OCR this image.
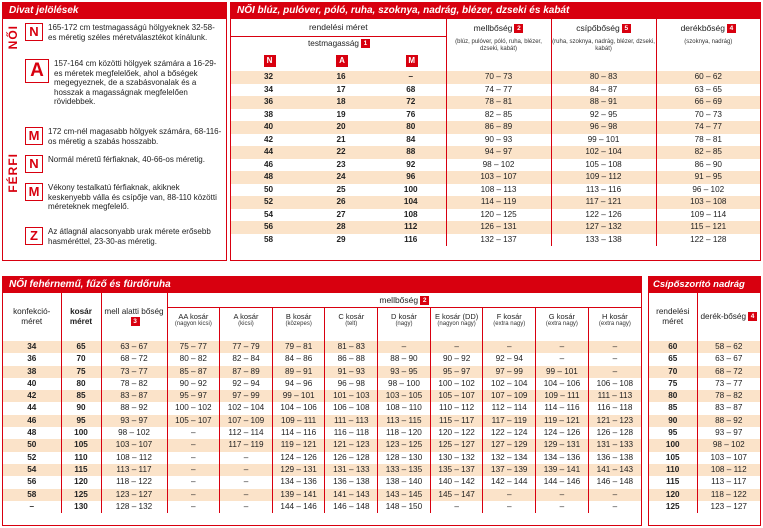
Divat jelölések
NŐI
FÉRFI
N	165-172 cm testmagasságú hölgyeknek 32-58-es méretig széles méretválasztékot kínálunk.
A	157-164 cm közötti hölgyek számára a 16-29-es méretek megfelelőek, ahol a bőségek megegyeznek, de a szabásvonalak és a hosszak a magasságnak megfelelően rövidebbek.
M	172 cm-nél magasabb hölgyek számára, 68-116-os méretig a szabás hosszabb.
N	Normál méretű férfiaknak, 40-66-os méretig.
M	Vékony testalkatú férfiaknak, akiknek keskenyebb válla és csípője van, 88-110 közötti méreteknek megfelelő.
Z	Az átlagnál alacsonyabb urak mérete erősebb hasméréttel, 23-30-as méretig.
NŐI blúz, pulóver, póló, ruha, szoknya, nadrág, blézer, dzseki és kabát
rendelési méret			mellbőség 2
(blúz, pulóver, póló, ruha, blézer, dzseki, kabát)	csípőbőség 5
(ruha, szoknya, nadrág, blézer, dzseki, kabát)	derékbőség 4
(szoknya, nadrág)

	testmagasság 1				
N	A	M			
32	16	–	70 – 73	80 – 83	60 – 62
34	17	68	74 – 77	84 – 87	63 – 65
36	18	72	78 – 81	88 – 91	66 – 69
38	19	76	82 – 85	92 – 95	70 – 73
40	20	80	86 – 89	96 – 98	74 – 77
42	21	84	90 – 93	99 – 101	78 – 81
44	22	88	94 – 97	102 – 104	82 – 85
46	23	92	98 – 102	105 – 108	86 – 90
48	24	96	103 – 107	109 – 112	91 – 95
50	25	100	108 – 113	113 – 116	96 – 102
52	26	104	114 – 119	117 – 121	103 – 108
54	27	108	120 – 125	122 – 126	109 – 114
56	28	112	126 – 131	127 – 132	115 – 121
58	29	116	132 – 137	133 – 138	122 – 128
NŐI fehérnemű, fűző és fürdőruha
konfekció-méret	kosár méret	mell alatti bőség3	mellbőség 2								

			AA kosár
(nagyon kicsi)	A kosár
(kicsi)	B kosár
(közepes)	C kosár
(telt)	D kosár
(nagy)	E kosár (DD)
(nagyon nagy)	F kosár
(extra nagy)	G kosár
(extra nagy)	H kosár
(extra nagy)

34	65	63 – 67	75 – 77	77 – 79	79 – 81	81 – 83	–	–	–	–	–
36	70	68 – 72	80 – 82	82 – 84	84 – 86	86 – 88	88 – 90	90 – 92	92 – 94	–	–
38	75	73 – 77	85 – 87	87 – 89	89 – 91	91 – 93	93 – 95	95 – 97	97 – 99	99 – 101	–
40	80	78 – 82	90 – 92	92 – 94	94 – 96	96 – 98	98 – 100	100 – 102	102 – 104	104 – 106	106 – 108
42	85	83 – 87	95 – 97	97 – 99	99 – 101	101 – 103	103 – 105	105 – 107	107 – 109	109 – 111	111 – 113
44	90	88 – 92	100 – 102	102 – 104	104 – 106	106 – 108	108 – 110	110 – 112	112 – 114	114 – 116	116 – 118
46	95	93 – 97	105 – 107	107 – 109	109 – 111	111 – 113	113 – 115	115 – 117	117 – 119	119 – 121	121 – 123
48	100	98 – 102	–	112 – 114	114 – 116	116 – 118	118 – 120	120 – 122	122 – 124	124 – 126	126 – 128
50	105	103 – 107	–	117 – 119	119 – 121	121 – 123	123 – 125	125 – 127	127 – 129	129 – 131	131 – 133
52	110	108 – 112	–	–	124 – 126	126 – 128	128 – 130	130 – 132	132 – 134	134 – 136	136 – 138
54	115	113 – 117	–	–	129 – 131	131 – 133	133 – 135	135 – 137	137 – 139	139 – 141	141 – 143
56	120	118 – 122	–	–	134 – 136	136 – 138	138 – 140	140 – 142	142 – 144	144 – 146	146 – 148
58	125	123 – 127	–	–	139 – 141	141 – 143	143 – 145	145 – 147	–	–	–
–	130	128 – 132	–	–	144 – 146	146 – 148	148 – 150	–	–	–	–
Csípőszorító nadrág
rendelési méret	derék-bőség 4
60	58 – 62
65	63 – 67
70	68 – 72
75	73 – 77
80	78 – 82
85	83 – 87
90	88 – 92
95	93 – 97
100	98 – 102
105	103 – 107
110	108 – 112
115	113 – 117
120	118 – 122
125	123 – 127
